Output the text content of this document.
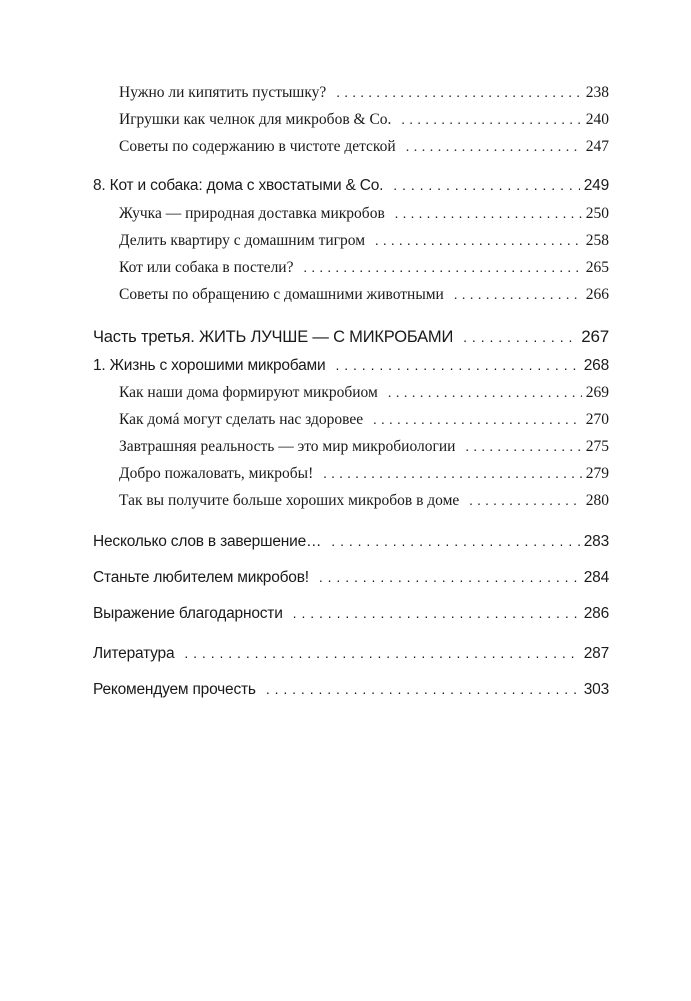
Нужно ли кипятить пустышку? . . .	238
Игрушки как челнок для микробов & Co. . . .	240
Советы по содержанию в чистоте детской . . .	247
8. Кот и собака: дома с хвостатыми & Co. . . .	249
Жучка — природная доставка микробов . . .	250
Делить квартиру с домашним тигром . . .	258
Кот или собака в постели? . . .	265
Советы по обращению с домашними животными . . .	266
Часть третья. ЖИТЬ ЛУЧШЕ — С МИКРОБАМИ . . .	267
1. Жизнь с хорошими микробами . . .	268
Как наши дома формируют микробиом . . .	269
Как домá могут сделать нас здоровее . . .	270
Завтрашняя реальность — это мир микробиологии . . .	275
Добро пожаловать, микробы! . . .	279
Так вы получите больше хороших микробов в доме . . .	280
Несколько слов в завершение… . . .	283
Станьте любителем микробов! . . .	284
Выражение благодарности . . .	286
Литература . . .	287
Рекомендуем прочесть . . .	303
